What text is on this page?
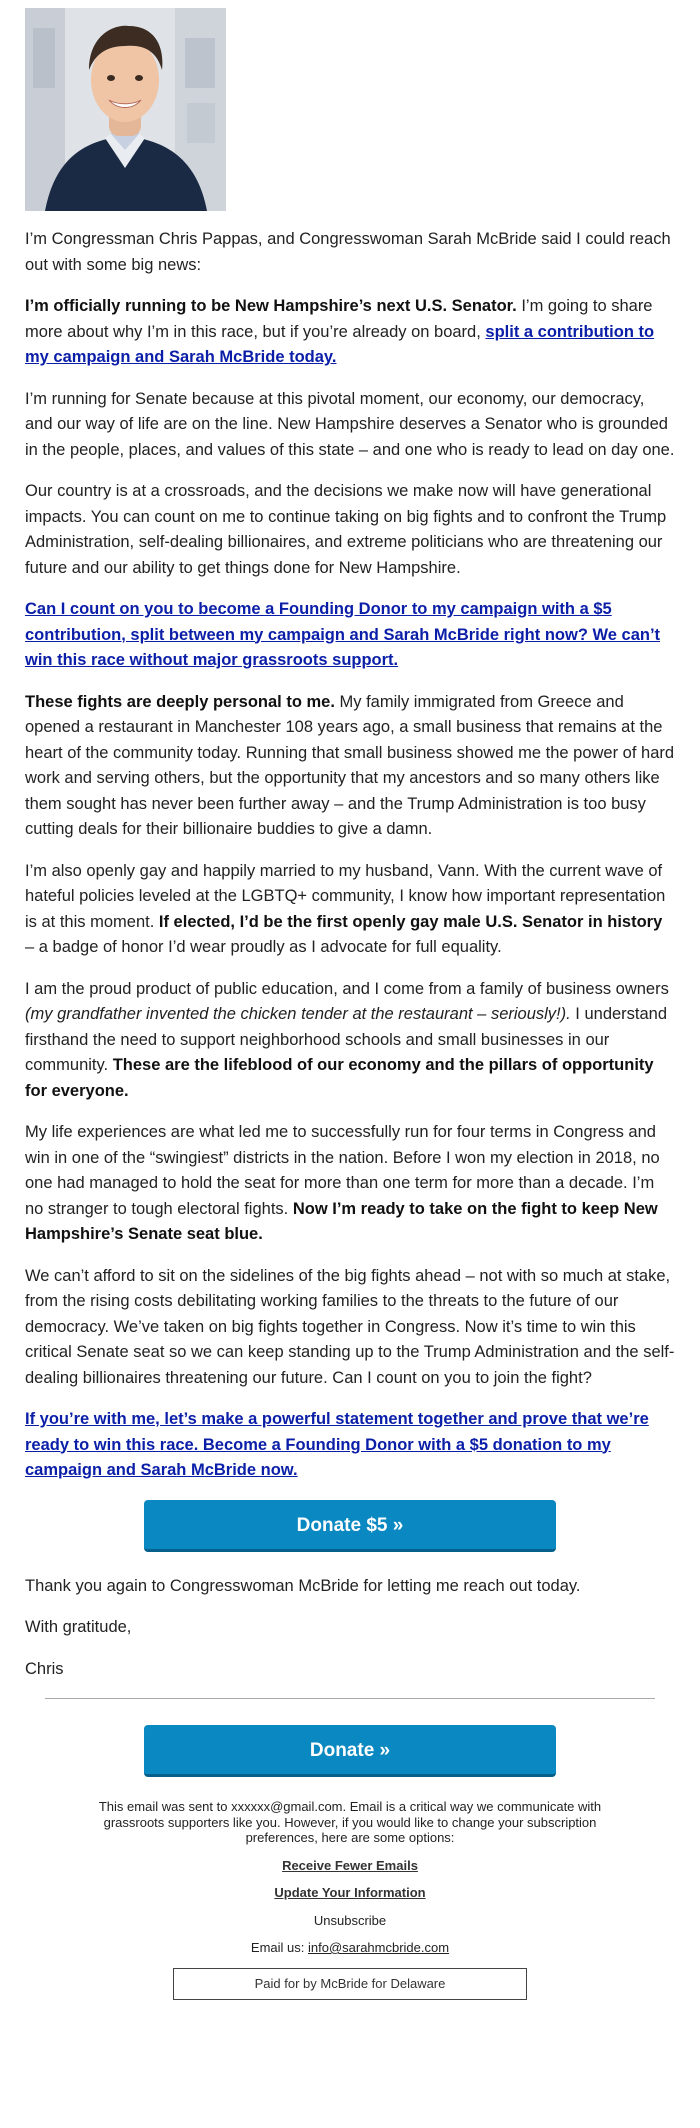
I’m Congressman Chris Pappas, and Congresswoman Sarah McBride said I could reach out with some big news:

I’m officially running to be New Hampshire’s next U.S. Senator. I’m going to share more about why I’m in this race, but if you’re already on board, split a contribution to my campaign and Sarah McBride today.

I’m running for Senate because at this pivotal moment, our economy, our democracy, and our way of life are on the line. New Hampshire deserves a Senator who is grounded in the people, places, and values of this state – and one who is ready to lead on day one.

Our country is at a crossroads, and the decisions we make now will have generational impacts. You can count on me to continue taking on big fights and to confront the Trump Administration, self-dealing billionaires, and extreme politicians who are threatening our future and our ability to get things done for New Hampshire.

Can I count on you to become a Founding Donor to my campaign with a $5 contribution, split between my campaign and Sarah McBride right now? We can’t win this race without major grassroots support.

These fights are deeply personal to me. My family immigrated from Greece and opened a restaurant in Manchester 108 years ago, a small business that remains at the heart of the community today. Running that small business showed me the power of hard work and serving others, but the opportunity that my ancestors and so many others like them sought has never been further away – and the Trump Administration is too busy cutting deals for their billionaire buddies to give a damn.

I’m also openly gay and happily married to my husband, Vann. With the current wave of hateful policies leveled at the LGBTQ+ community, I know how important representation is at this moment. If elected, I’d be the first openly gay male U.S. Senator in history – a badge of honor I’d wear proudly as I advocate for full equality.

I am the proud product of public education, and I come from a family of business owners (my grandfather invented the chicken tender at the restaurant – seriously!). I understand firsthand the need to support neighborhood schools and small businesses in our community. These are the lifeblood of our economy and the pillars of opportunity for everyone.

My life experiences are what led me to successfully run for four terms in Congress and win in one of the “swingiest” districts in the nation. Before I won my election in 2018, no one had managed to hold the seat for more than one term for more than a decade. I’m no stranger to tough electoral fights. Now I’m ready to take on the fight to keep New Hampshire’s Senate seat blue.

We can’t afford to sit on the sidelines of the big fights ahead – not with so much at stake, from the rising costs debilitating working families to the threats to the future of our democracy. We’ve taken on big fights together in Congress. Now it’s time to win this critical Senate seat so we can keep standing up to the Trump Administration and the self-dealing billionaires threatening our future. Can I count on you to join the fight?

If you’re with me, let’s make a powerful statement together and prove that we’re ready to win this race. Become a Founding Donor with a $5 donation to my campaign and Sarah McBride now.

Donate $5 »

Thank you again to Congresswoman McBride for letting me reach out today.

With gratitude,

Chris

Donate »

This email was sent to xxxxxx@gmail.com. Email is a critical way we communicate with grassroots supporters like you. However, if you would like to change your subscription preferences, here are some options:

Receive Fewer Emails

Update Your Information

Unsubscribe

Email us: info@sarahmcbride.com

Paid for by McBride for Delaware
